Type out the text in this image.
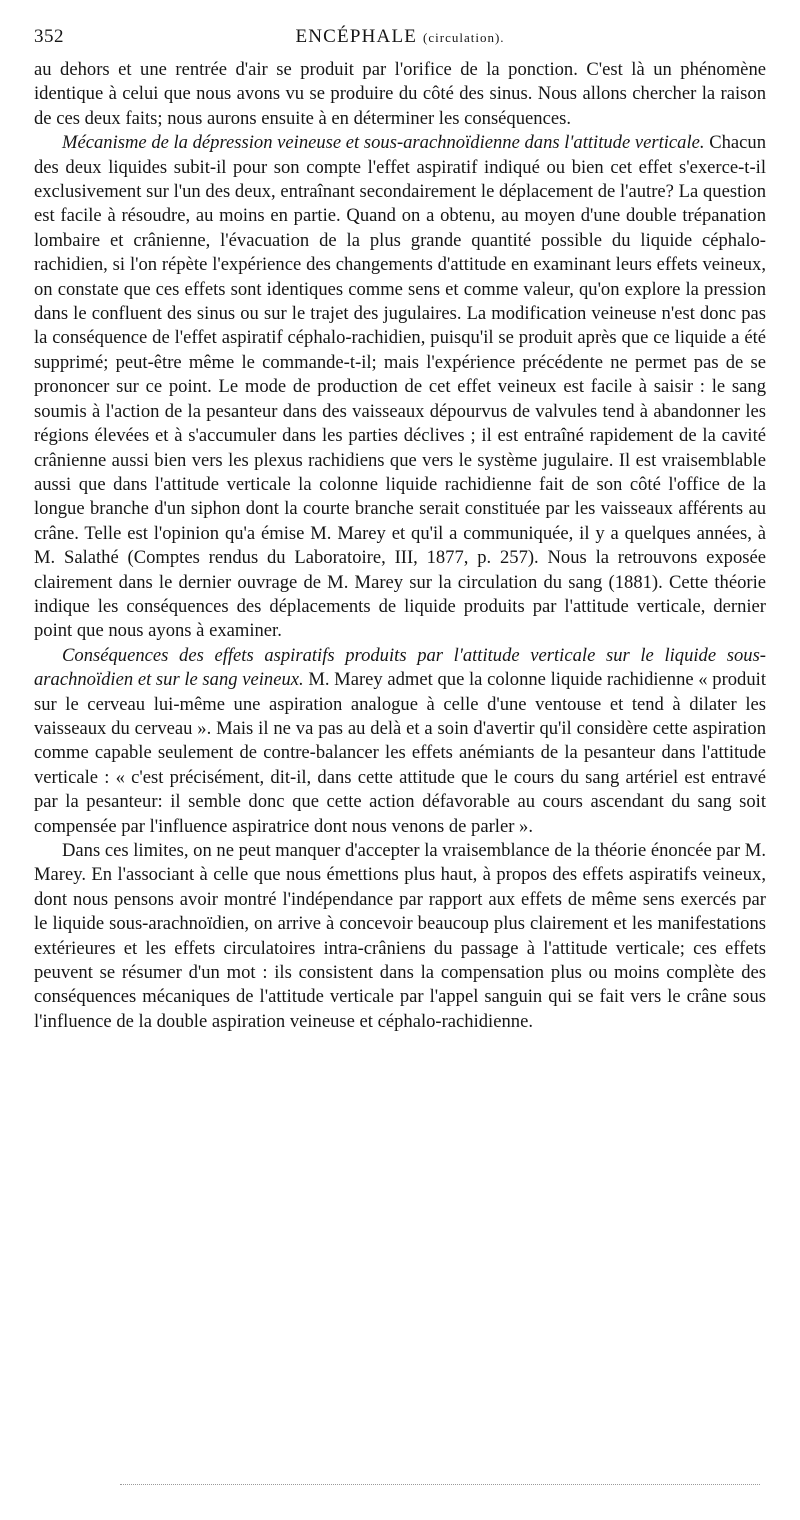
352	ENCÉPHALE (circulation).

au dehors et une rentrée d'air se produit par l'orifice de la ponction. C'est là un phénomène identique à celui que nous avons vu se produire du côté des sinus. Nous allons chercher la raison de ces deux faits; nous aurons ensuite à en déterminer les conséquences.

Mécanisme de la dépression veineuse et sous-arachnoïdienne dans l'attitude verticale. Chacun des deux liquides subit-il pour son compte l'effet aspiratif indiqué ou bien cet effet s'exerce-t-il exclusivement sur l'un des deux, entraînant secondairement le déplacement de l'autre? La question est facile à résoudre, au moins en partie. Quand on a obtenu, au moyen d'une double trépanation lombaire et crânienne, l'évacuation de la plus grande quantité possible du liquide céphalo-rachidien, si l'on répète l'expérience des changements d'attitude en examinant leurs effets veineux, on constate que ces effets sont identiques comme sens et comme valeur, qu'on explore la pression dans le confluent des sinus ou sur le trajet des jugulaires. La modification veineuse n'est donc pas la conséquence de l'effet aspiratif céphalo-rachidien, puisqu'il se produit après que ce liquide a été supprimé; peut-être même le commande-t-il; mais l'expérience précédente ne permet pas de se prononcer sur ce point. Le mode de production de cet effet veineux est facile à saisir : le sang soumis à l'action de la pesanteur dans des vaisseaux dépourvus de valvules tend à abandonner les régions élevées et à s'accumuler dans les parties déclives ; il est entraîné rapidement de la cavité crânienne aussi bien vers les plexus rachidiens que vers le système jugulaire. Il est vraisemblable aussi que dans l'attitude verticale la colonne liquide rachidienne fait de son côté l'office de la longue branche d'un siphon dont la courte branche serait constituée par les vaisseaux afférents au crâne. Telle est l'opinion qu'a émise M. Marey et qu'il a communiquée, il y a quelques années, à M. Salathé (Comptes rendus du Laboratoire, III, 1877, p. 257). Nous la retrouvons exposée clairement dans le dernier ouvrage de M. Marey sur la circulation du sang (1881). Cette théorie indique les conséquences des déplacements de liquide produits par l'attitude verticale, dernier point que nous ayons à examiner.

Conséquences des effets aspiratifs produits par l'attitude verticale sur le liquide sous-arachnoïdien et sur le sang veineux. M. Marey admet que la colonne liquide rachidienne « produit sur le cerveau lui-même une aspiration analogue à celle d'une ventouse et tend à dilater les vaisseaux du cerveau ». Mais il ne va pas au delà et a soin d'avertir qu'il considère cette aspiration comme capable seulement de contre-balancer les effets anémiants de la pesanteur dans l'attitude verticale : « c'est précisément, dit-il, dans cette attitude que le cours du sang artériel est entravé par la pesanteur: il semble donc que cette action défavorable au cours ascendant du sang soit compensée par l'influence aspiratrice dont nous venons de parler ».

Dans ces limites, on ne peut manquer d'accepter la vraisemblance de la théorie énoncée par M. Marey. En l'associant à celle que nous émettions plus haut, à propos des effets aspiratifs veineux, dont nous pensons avoir montré l'indépendance par rapport aux effets de même sens exercés par le liquide sous-arachnoïdien, on arrive à concevoir beaucoup plus clairement et les manifestations extérieures et les effets circulatoires intra-crâniens du passage à l'attitude verticale; ces effets peuvent se résumer d'un mot : ils consistent dans la compensation plus ou moins complète des conséquences mécaniques de l'attitude verticale par l'appel sanguin qui se fait vers le crâne sous l'influence de la double aspiration veineuse et céphalo-rachidienne.
